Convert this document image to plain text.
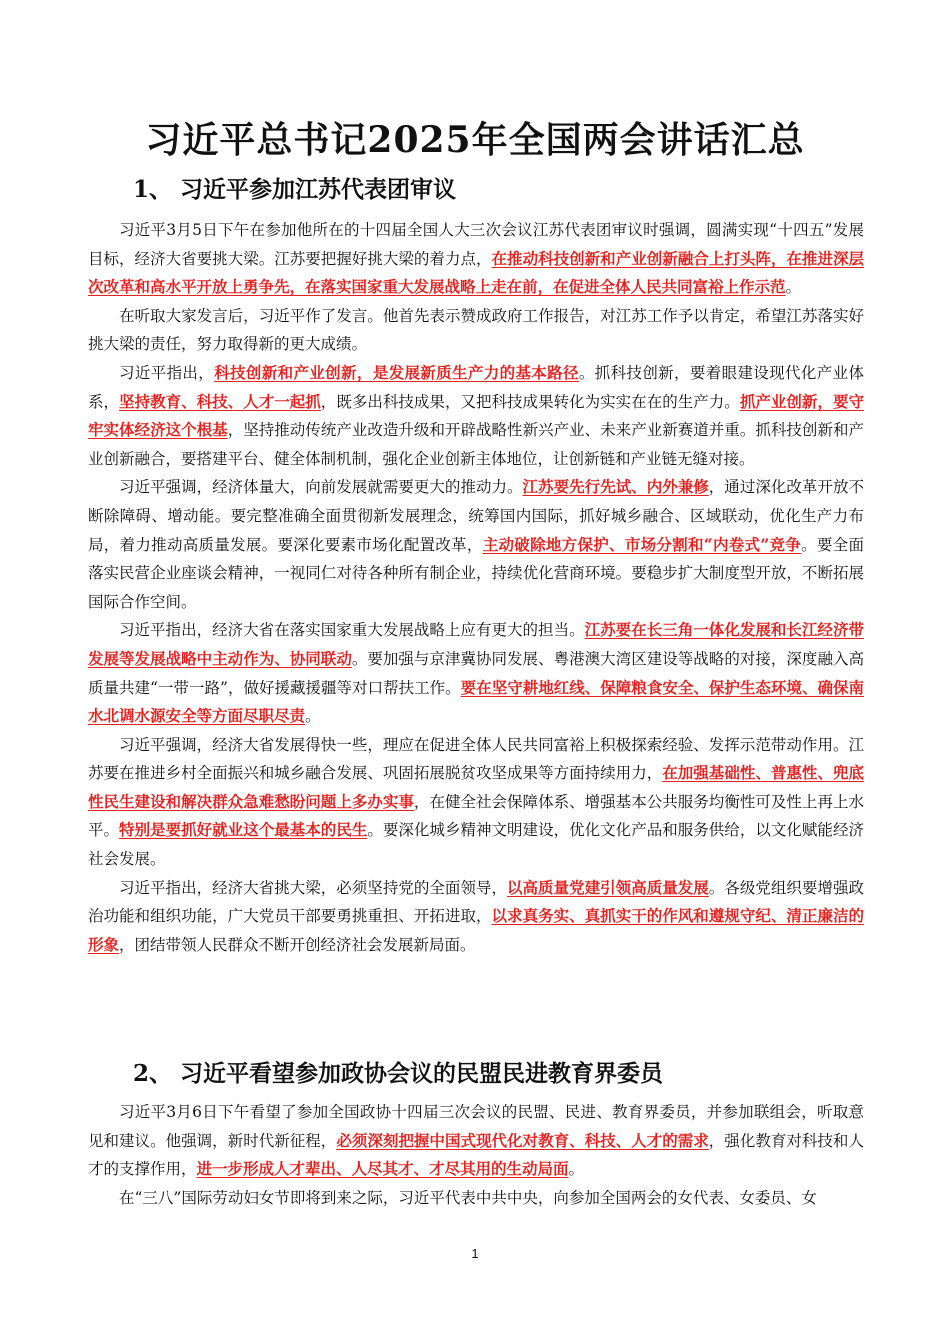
习近平总书记2025年全国两会讲话汇总
1、 习近平参加江苏代表团审议

习近平3月5日下午在参加他所在的十四届全国人大三次会议江苏代表团审议时强调，圆满实现“十四五”发展目标，经济大省要挑大梁。江苏要把握好挑大梁的着力点，在推动科技创新和产业创新融合上打头阵，在推进深层次改革和高水平开放上勇争先，在落实国家重大发展战略上走在前，在促进全体人民共同富裕上作示范。

在听取大家发言后，习近平作了发言。他首先表示赞成政府工作报告，对江苏工作予以肯定，希望江苏落实好挑大梁的责任，努力取得新的更大成绩。

习近平指出，科技创新和产业创新，是发展新质生产力的基本路径。抓科技创新，要着眼建设现代化产业体系，坚持教育、科技、人才一起抓，既多出科技成果，又把科技成果转化为实实在在的生产力。抓产业创新，要守牢实体经济这个根基，坚持推动传统产业改造升级和开辟战略性新兴产业、未来产业新赛道并重。抓科技创新和产业创新融合，要搭建平台、健全体制机制，强化企业创新主体地位，让创新链和产业链无缝对接。

习近平强调，经济体量大，向前发展就需要更大的推动力。江苏要先行先试、内外兼修，通过深化改革开放不断除障碍、增动能。要完整准确全面贯彻新发展理念，统筹国内国际，抓好城乡融合、区域联动，优化生产力布局，着力推动高质量发展。要深化要素市场化配置改革，主动破除地方保护、市场分割和“内卷式”竞争。要全面落实民营企业座谈会精神，一视同仁对待各种所有制企业，持续优化营商环境。要稳步扩大制度型开放，不断拓展国际合作空间。

习近平指出，经济大省在落实国家重大发展战略上应有更大的担当。江苏要在长三角一体化发展和长江经济带发展等发展战略中主动作为、协同联动。要加强与京津冀协同发展、粤港澳大湾区建设等战略的对接，深度融入高质量共建“一带一路”，做好援藏援疆等对口帮扶工作。要在坚守耕地红线、保障粮食安全、保护生态环境、确保南水北调水源安全等方面尽职尽责。

习近平强调，经济大省发展得快一些，理应在促进全体人民共同富裕上积极探索经验、发挥示范带动作用。江苏要在推进乡村全面振兴和城乡融合发展、巩固拓展脱贫攻坚成果等方面持续用力，在加强基础性、普惠性、兜底性民生建设和解决群众急难愁盼问题上多办实事，在健全社会保障体系、增强基本公共服务均衡性可及性上再上水平。特别是要抓好就业这个最基本的民生。要深化城乡精神文明建设，优化文化产品和服务供给，以文化赋能经济社会发展。

习近平指出，经济大省挑大梁，必须坚持党的全面领导，以高质量党建引领高质量发展。各级党组织要增强政治功能和组织功能，广大党员干部要勇挑重担、开拓进取，以求真务实、真抓实干的作风和遵规守纪、清正廉洁的形象，团结带领人民群众不断开创经济社会发展新局面。

2、 习近平看望参加政协会议的民盟民进教育界委员

习近平3月6日下午看望了参加全国政协十四届三次会议的民盟、民进、教育界委员，并参加联组会，听取意见和建议。他强调，新时代新征程，必须深刻把握中国式现代化对教育、科技、人才的需求，强化教育对科技和人才的支撑作用，进一步形成人才辈出、人尽其才、才尽其用的生动局面。

在“三八”国际劳动妇女节即将到来之际，习近平代表中共中央，向参加全国两会的女代表、女委员、女

1
